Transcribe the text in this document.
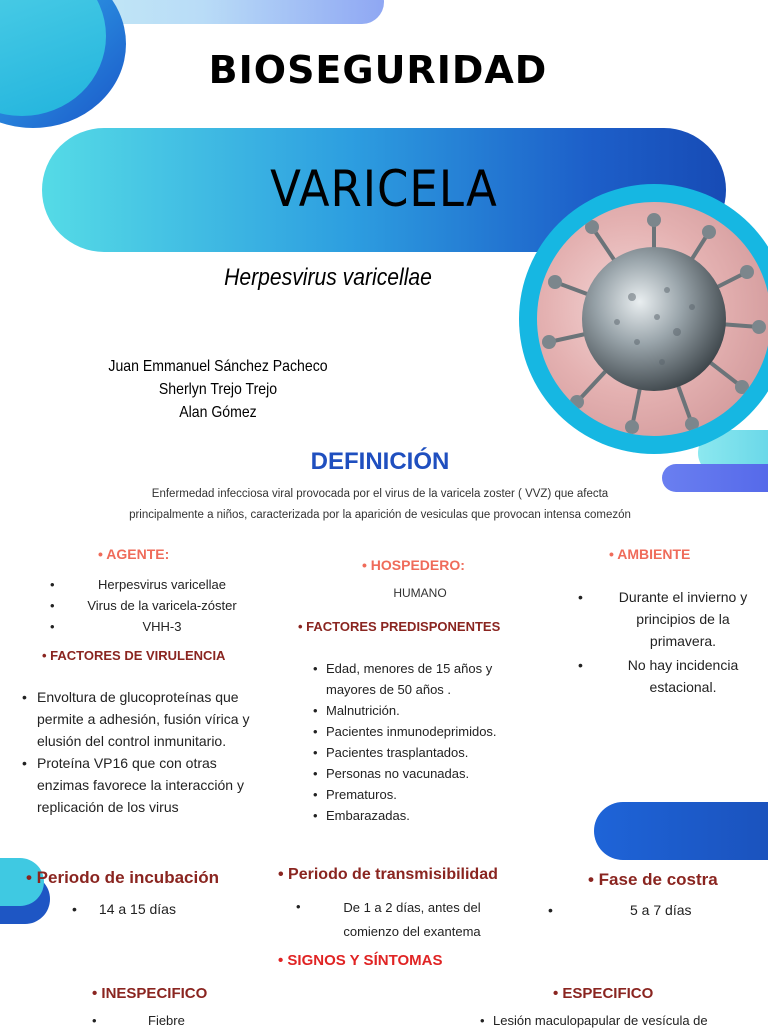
BIOSEGURIDAD
VARICELA
Herpesvirus varicellae
Juan Emmanuel Sánchez Pacheco
Sherlyn Trejo Trejo
Alan Gómez
DEFINICIÓN
Enfermedad infecciosa viral provocada por el virus de la varicela zoster ( VVZ) que afecta
principalmente a niños, caracterizada por la aparición de vesiculas que provocan intensa comezón
• AGENTE:
•	Herpesvirus varicellae
•	Virus de la varicela-zóster
•	VHH-3
• HOSPEDERO:
HUMANO
• AMBIENTE
•	Durante el invierno y principios de la primavera.
•	No hay incidencia estacional.
• FACTORES DE VIRULENCIA
• Envoltura de glucoproteínas que permite a adhesión, fusión vírica y elusión del control inmunitario.
• Proteína VP16 que con otras enzimas favorece la interacción y replicación de los virus
• FACTORES PREDISPONENTES
• Edad, menores de 15 años y mayores de 50 años .
• Malnutrición.
• Pacientes inmunodeprimidos.
• Pacientes trasplantados.
• Personas no vacunadas.
• Prematuros.
• Embarazadas.
• Periodo de incubación
• 14 a 15 días
• Periodo de transmisibilidad
•	De 1 a 2 días, antes del comienzo del exantema
• Fase de costra
•	5 a 7 días
• SIGNOS Y SÍNTOMAS
• INESPECIFICO
•	Fiebre
• ESPECIFICO
• Lesión maculopapular de vesícula de
